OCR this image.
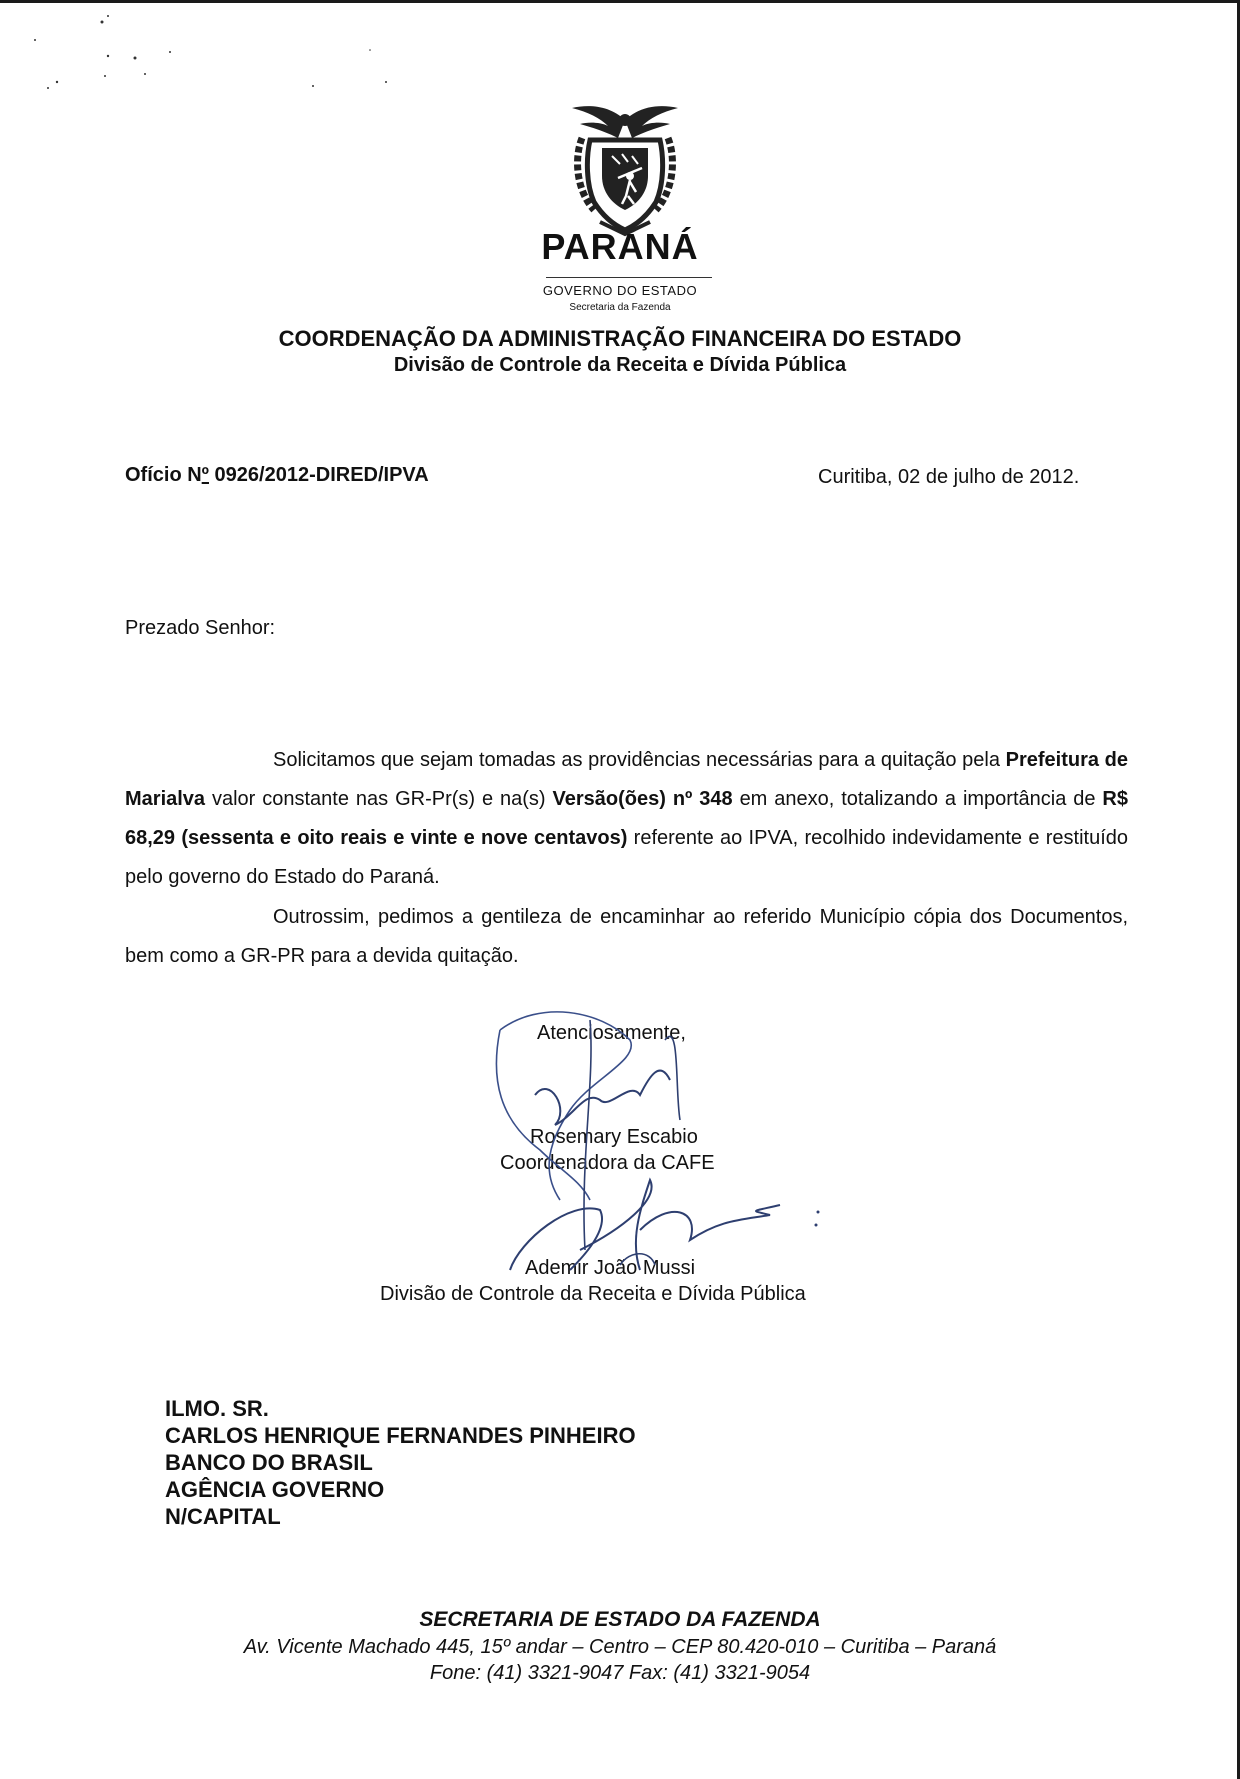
PARANÁ
GOVERNO DO ESTADO
Secretaria da Fazenda
COORDENAÇÃO DA ADMINISTRAÇÃO FINANCEIRA DO ESTADO
Divisão de Controle da Receita e Dívida Pública
Ofício Nº 0926/2012-DIRED/IPVA	Curitiba, 02 de julho de 2012.
Prezado Senhor:
Solicitamos que sejam tomadas as providências necessárias para a quitação pela Prefeitura de Marialva valor constante nas GR-Pr(s) e na(s) Versão(ões) nº 348 em anexo, totalizando a importância de R$ 68,29 (sessenta e oito reais e vinte e nove centavos) referente ao IPVA, recolhido indevidamente e restituído pelo governo do Estado do Paraná.
Outrossim, pedimos a gentileza de encaminhar ao referido Município cópia dos Documentos, bem como a GR-PR para a devida quitação.
Atenciosamente,
Rosemary Escabio
Coordenadora da CAFE
Ademir João Mussi
Divisão de Controle da Receita e Dívida Pública
ILMO. SR.
CARLOS HENRIQUE FERNANDES PINHEIRO
BANCO DO BRASIL
AGÊNCIA GOVERNO
N/CAPITAL
SECRETARIA DE ESTADO DA FAZENDA
Av. Vicente Machado 445, 15º andar – Centro – CEP 80.420-010 – Curitiba – Paraná
Fone: (41) 3321-9047 Fax: (41) 3321-9054
